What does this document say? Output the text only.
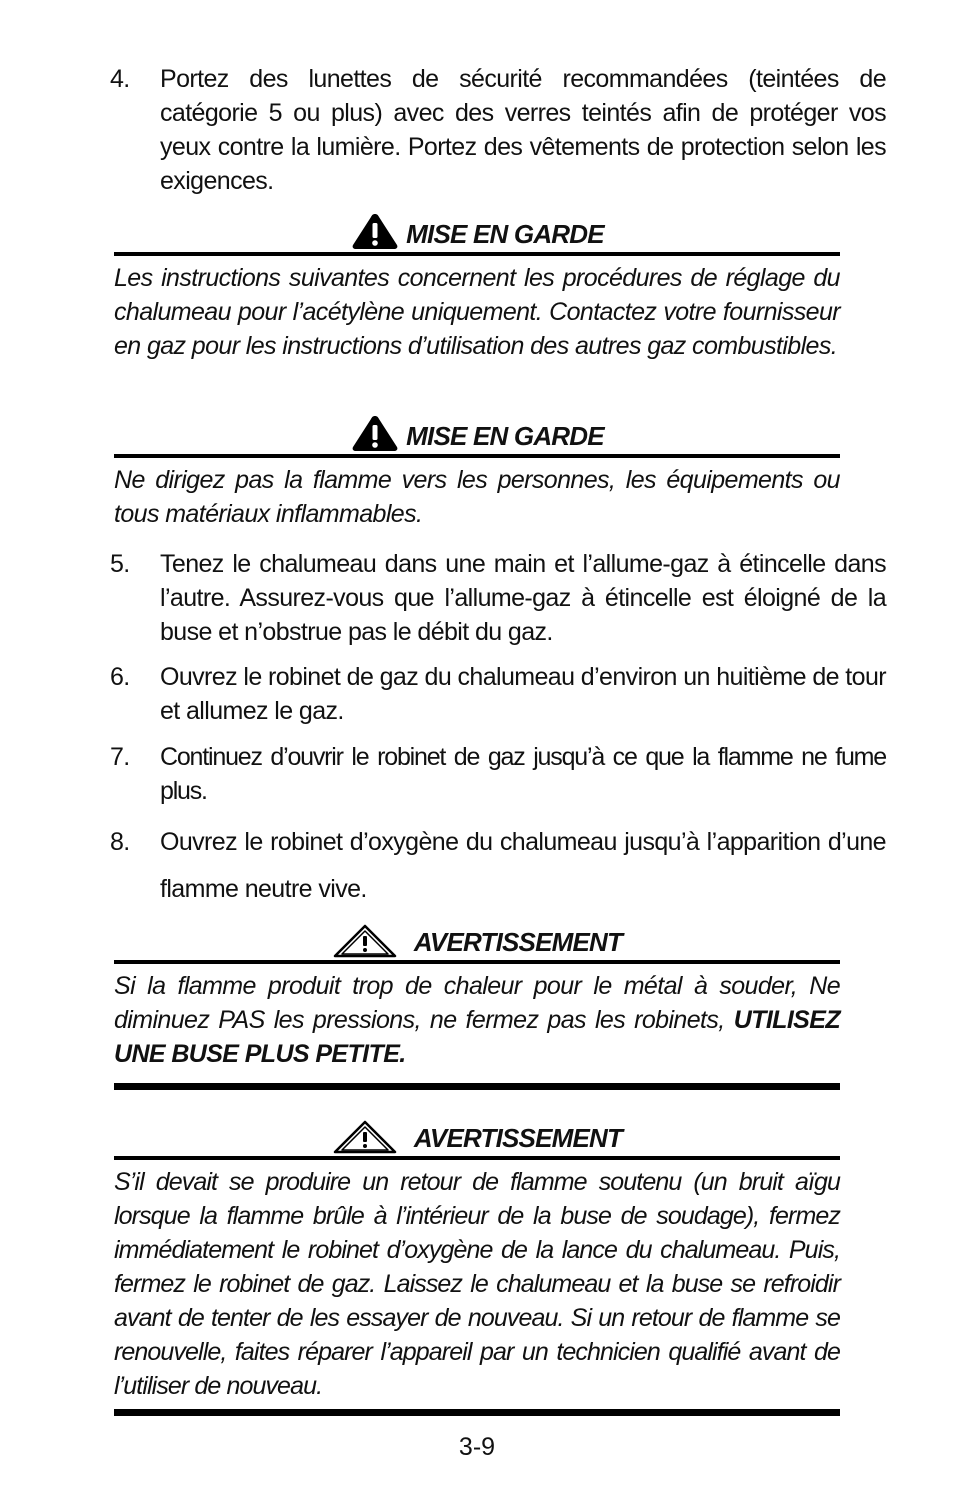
4.	Portez des lunettes de sécurité recommandées (teintées de catégorie 5 ou plus) avec des verres teintés afin de protéger vos yeux contre la lumière. Portez des vêtements de protection selon les exigences.
MISE EN GARDE
Les instructions suivantes concernent les procédures de réglage du chalumeau pour l’acétylène uniquement. Contactez votre fournisseur en gaz pour les instructions d’utilisation des autres gaz combustibles.
MISE EN GARDE
Ne dirigez pas la flamme vers les personnes, les équipements ou tous matériaux inflammables.
5.	Tenez le chalumeau dans une main et l’allume-gaz à étincelle dans l’autre. Assurez-vous que l’allume-gaz à étincelle est éloigné de la buse et n’obstrue pas le débit du gaz.
6.	Ouvrez le robinet de gaz du chalumeau d’environ un huitième de tour et allumez le gaz.
7.	Continuez d’ouvrir le robinet de gaz jusqu’à ce que la flamme ne fume plus.
8.	Ouvrez le robinet d’oxygène du chalumeau jusqu’à l’apparition d’une flamme neutre vive.
AVERTISSEMENT
Si la flamme produit trop de chaleur pour le métal à souder, Ne diminuez PAS les pressions, ne fermez pas les robinets, UTILISEZ UNE BUSE PLUS PETITE.
AVERTISSEMENT
S’il devait se produire un retour de flamme soutenu (un bruit aïgu lorsque la flamme brûle à l’intérieur de la buse de soudage), fermez immédiatement le robinet d’oxygène de la lance du chalumeau. Puis, fermez le robinet de gaz. Laissez le chalumeau et la buse se refroidir avant de tenter de les essayer de nouveau. Si un retour de flamme se renouvelle, faites réparer l’appareil par un technicien qualifié avant de l’utiliser de nouveau.
3-9
